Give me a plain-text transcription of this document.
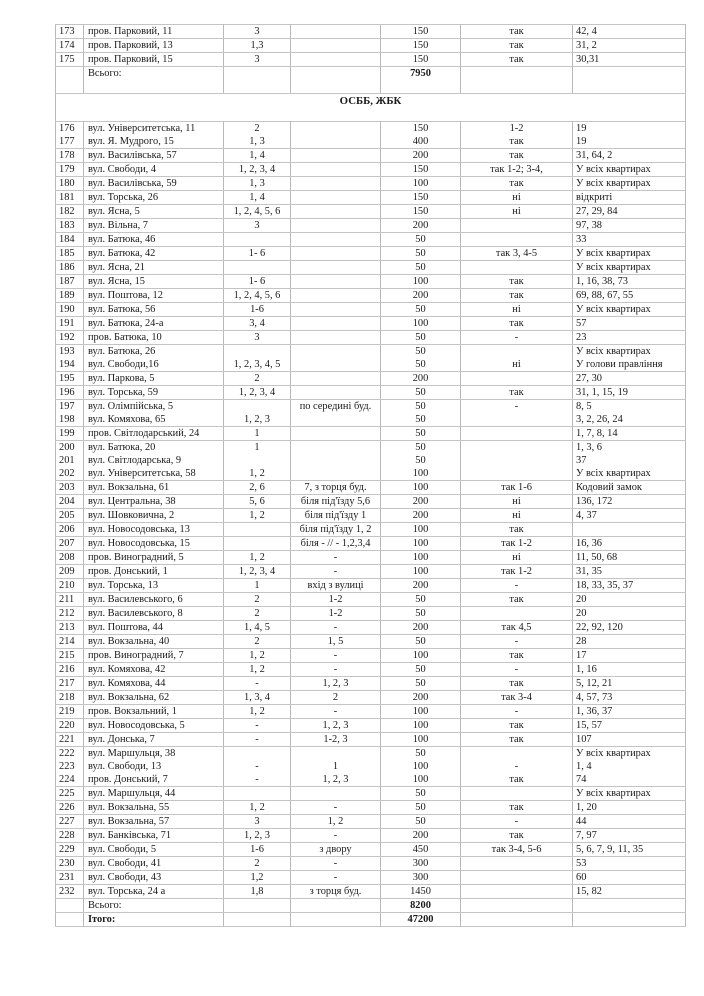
173	пров. Парковий, 11	3		150	так	42, 4
174	пров. Парковий, 13	1,3		150	так	31, 2
175	пров. Парковий, 15	3		150	так	30,31
	Всього:			7950		
ОСББ, ЖБК						
176	вул. Університетська, 11	2		150	1-2	19
177	вул. Я. Мудрого, 15	1, 3		400	так	19
178	вул. Василівська, 57	1, 4		200	так	31, 64, 2
179	вул. Свободи, 4	1, 2, 3, 4		150	так 1-2; 3-4,	У всіх квартирах
180	вул. Василівська, 59	1, 3		100	так	У всіх квартирах
181	вул. Торська, 26	1, 4		150	ні	відкриті
182	вул. Ясна, 5	1, 2, 4, 5, 6		150	ні	27, 29, 84
183	вул. Вільна, 7	3		200		97, 38
184	вул. Батюка, 46			50		33
185	вул. Батюка, 42	1- 6		50	так 3, 4-5	У всіх квартирах
186	вул. Ясна, 21			50		У всіх квартирах
187	вул. Ясна, 15	1- 6		100	так	1, 16, 38, 73
189	вул. Поштова, 12	1, 2, 4, 5, 6		200	так	69, 88, 67, 55
190	вул. Батюка, 56	1-6		50	ні	У всіх квартирах
191	вул. Батюка, 24-а	3, 4		100	так	57
192	пров. Батюка, 10	3		50	-	23
193	вул. Батюка, 26			50		У всіх квартирах
194	вул. Свободи,16	1, 2, 3, 4, 5		50	ні	У голови правління
195	вул. Паркова, 5	2		200		27, 30
196	вул. Торська, 59	1, 2, 3, 4		50	так	31, 1, 15, 19
197	вул. Олімпійська, 5		по середині буд.	50	-	8, 5
198	вул. Комяхова, 65	1, 2, 3		50		3, 2, 26, 24
199	пров. Світлодарський, 24	1		50		1, 7, 8, 14
200	вул. Батюка, 20	1		50		1, 3, 6
201	вул. Світлодарська, 9			50		37
202	вул. Університетська, 58	1, 2		100		У всіх квартирах
203	вул. Вокзальна, 61	2, 6	7, з торця буд.	100	так 1-6	Кодовий замок
204	вул. Центральна, 38	5, 6	біля під'їзду 5,6	200	ні	136, 172
205	вул. Шовковична, 2	1, 2	біля під'їзду 1	200	ні	4, 37
206	вул. Новосодовська, 13		біля під'їзду 1, 2	100	так	
207	вул. Новосодовська, 15		біля - // - 1,2,3,4	100	так 1-2	16, 36
208	пров. Виноградний, 5	1, 2	-	100	ні	11, 50, 68
209	пров. Донський, 1	1, 2, 3, 4	-	100	так 1-2	31, 35
210	вул. Торська, 13	1	вхід з вулиці	200	-	18, 33, 35, 37
211	вул. Василевського, 6	2	1-2	50	так	20
212	вул. Василевського, 8	2	1-2	50		20
213	вул. Поштова, 44	1, 4, 5	-	200	так 4,5	22, 92, 120
214	вул. Вокзальна, 40	2	1, 5	50	-	28
215	пров. Виноградний, 7	1, 2	-	100	так	17
216	вул. Комяхова, 42	1, 2	-	50	-	1, 16
217	вул. Комяхова, 44	-	1, 2, 3	50	так	5, 12, 21
218	вул. Вокзальна, 62	1, 3, 4	2	200	так 3-4	4, 57, 73
219	пров. Вокзальний, 1	1, 2	-	100	-	1, 36, 37
220	вул. Новосодовська, 5	-	1, 2, 3	100	так	15, 57
221	вул. Донська, 7	-	1-2, 3	100	так	107
222	вул. Маршульця, 38			50		У всіх квартирах
223	вул. Свободи, 13	-	1	100	-	1, 4
224	пров. Донський, 7	-	1, 2, 3	100	так	74
225	вул. Маршульця, 44			50		У всіх квартирах
226	вул. Вокзальна, 55	1, 2	-	50	так	1, 20
227	вул. Вокзальна, 57	3	1, 2	50	-	44
228	вул. Банківська, 71	1, 2, 3	-	200	так	7, 97
229	вул. Свободи, 5	1-6	з двору	450	так 3-4, 5-6	5, 6, 7, 9, 11, 35
230	вул. Свободи, 41	2	-	300		53
231	вул. Свободи, 43	1,2	-	300		60
232	вул. Торська, 24 а	1,8	з торця буд.	1450		15, 82
	Всього:			8200		
	Ітого:			47200		
